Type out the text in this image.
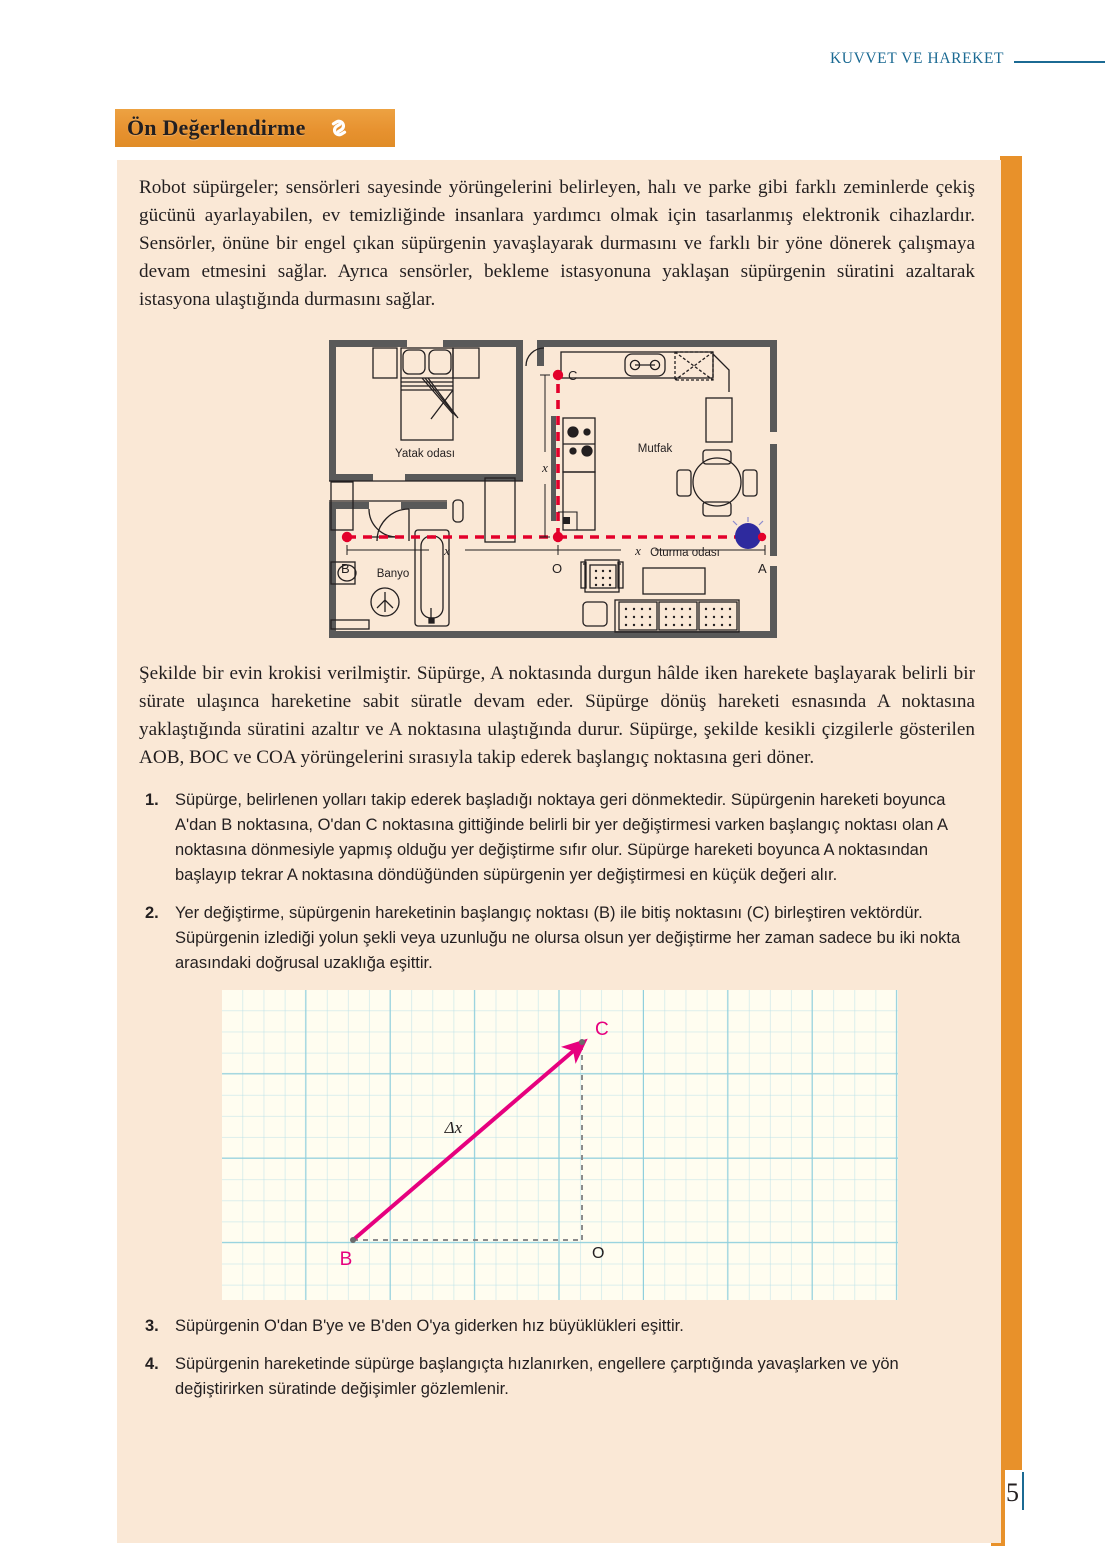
KUVVET VE HAREKET
5
Ön Değerlendirme

Robot süpürgeler; sensörleri sayesinde yörüngelerini belirleyen, halı ve parke gibi farklı zeminlerde çekiş gücünü ayarlayabilen, ev temizliğinde insanlara yardımcı olmak için tasarlanmış elektronik cihazlardır. Sensörler, önüne bir engel çıkan süpürgenin yavaşlayarak durmasını ve farklı bir yöne dönerek çalışmaya devam etmesini sağlar. Ayrıca sensörler, bekleme istasyonuna yaklaşan süpürgenin süratini azaltarak istasyona ulaştığında durmasını sağlar.

Yatak odası
Banyo
Mutfak
Oturma odası
x	x
x
B	O
C
A

Şekilde bir evin krokisi verilmiştir. Süpürge, A noktasında durgun hâlde iken harekete başlayarak belirli bir sürate ulaşınca hareketine sabit süratle devam eder. Süpürge dönüş hareketi esnasında A noktasına yaklaştığında süratini azaltır ve A noktasına ulaştığında durur. Süpürge, şekilde kesikli çizgilerle gösterilen AOB, BOC ve COA yörüngelerini sırasıyla takip ederek başlangıç noktasına geri döner.

1. Süpürge, belirlenen yolları takip ederek başladığı noktaya geri dönmektedir. Süpürgenin hareketi boyunca A'dan B noktasına, O'dan C noktasına gittiğinde belirli bir yer değiştirmesi varken başlangıç noktası olan A noktasına dönmesiyle yapmış olduğu yer değiştirme sıfır olur. Süpürge hareketi boyunca A noktasından başlayıp tekrar A noktasına döndüğünden süpürgenin yer değiştirmesi en küçük değeri alır.
2. Yer değiştirme, süpürgenin hareketinin başlangıç noktası (B) ile bitiş noktasını (C) birleştiren vektördür. Süpürgenin izlediği yolun şekli veya uzunluğu ne olursa olsun yer değiştirme her zaman sadece bu iki nokta arasındaki doğrusal uzaklığa eşittir.
B
C
O
Δx⃗
3. Süpürgenin O'dan B'ye ve B'den O'ya giderken hız büyüklükleri eşittir.
4. Süpürgenin hareketinde süpürge başlangıçta hızlanırken, engellere çarptığında yavaşlarken ve yön değiştirirken süratinde değişimler gözlemlenir.
